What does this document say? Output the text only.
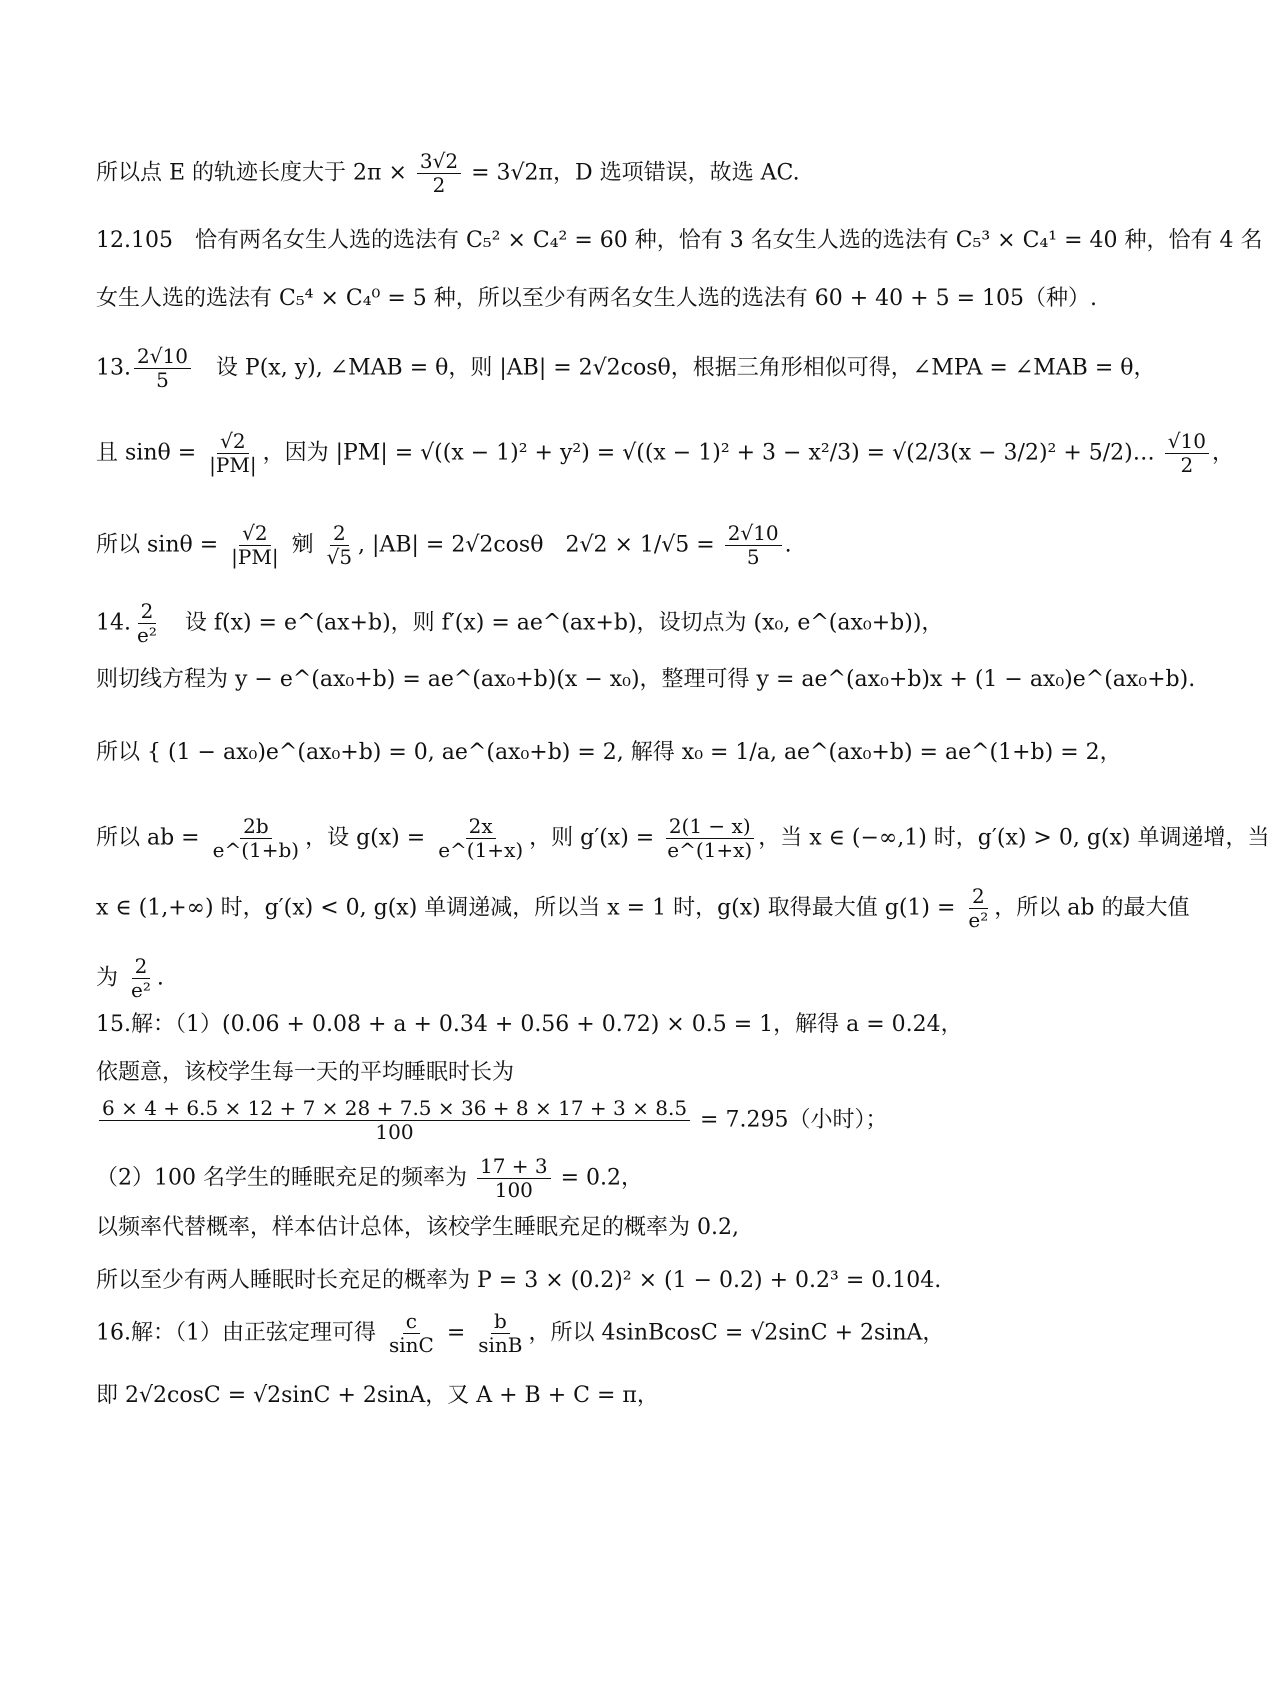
所以点 E 的轨迹长度大于 $2\pi \times \frac{3√2}{2} = 3√2\pi$，D 选项错误，故选 AC.
12.105　恰有两名女生人选的选法有 C₅² × C₄² = 60 种，恰有 3 名女生人选的选法有 C₅³ × C₄¹ = 40 种，恰有 4 名
女生人选的选法有 C₅⁴ × C₄⁰ = 5 种，所以至少有两名女生人选的选法有 60 + 40 + 5 = 105（种）.
13. $\frac{2√10}{5}$ 　设 P(x, y), ∠MAB = θ，则 |AB| = 2√2cosθ，根据三角形相似可得，∠MPA = ∠MAB = θ，
且 $\sin\theta = \frac{√2}{|PM|}$ ，因为 |PM| = √((x − 1)² + y²) = √((x − 1)² + 3 − x²/3) = √(2/3(x − 3/2)² + 5/2)… $\frac{√10}{2}$ ，
所以 $\sin\theta = \frac{√2}{|PM|}$ 剜 $\frac{2}{√5}$ , |AB| = 2√2cosθ　$2√2 \times 1/√5 = \frac{2√10}{5}$ .
14. $\frac{2}{\text{e²}}$ 　设 f(x) = e^(ax+b)，则 f′(x) = ae^(ax+b)，设切点为 (x₀, e^(ax₀+b))，
则切线方程为 y − e^(ax₀+b) = ae^(ax₀+b)(x − x₀)，整理可得 y = ae^(ax₀+b)x + (1 − ax₀)e^(ax₀+b).
所以 { (1 − ax₀)e^(ax₀+b) = 0, ae^(ax₀+b) = 2, 解得 x₀ = 1/a, ae^(ax₀+b) = ae^(1+b) = 2，
所以 ab = $\frac{2b}{e\^{}(1+b)}$ ，设 $g(x) = \frac{2x}{e\^{}(1+x)}$ ，则 $g'(x) = \frac{2(1 - x)}{e\^{}(1+x)}$ ，当 x ∈ (−∞,1) 时，g′(x) > 0, g(x) 单调递增，当
x ∈ (1,+∞) 时，g′(x) < 0, g(x) 单调递减，所以当 x = 1 时，g(x) 取得最大值 $g(1) = \frac{2}{\text{e²}}$ ，所以 ab 的最大值
为 $\frac{2}{\text{e²}}$ .
15.解：（1）(0.06 + 0.08 + a + 0.34 + 0.56 + 0.72) × 0.5 = 1，解得 a = 0.24，
依题意，该校学生每一天的平均睡眠时长为
$\frac{6 \times 4 + 6.5 \times 12 + 7 \times 28 + 7.5 \times 36 + 8 \times 17 + 3 \times 8.5}{100} = 7.295$（小时）；
（2）100 名学生的睡眠充足的频率为 $\frac{17 + 3}{100} = 0.2$，
以频率代替概率，样本估计总体，该校学生睡眠充足的概率为 0.2,
所以至少有两人睡眠时长充足的概率为 P = 3 × (0.2)² × (1 − 0.2) + 0.2³ = 0.104.
16.解：（1）由正弦定理可得 $\frac{c}{\sin C} = \frac{b}{\sin B}$ ，所以 4sinBcosC = √2sinC + 2sinA，
即 2√2cosC = √2sinC + 2sinA，又 A + B + C = π，
